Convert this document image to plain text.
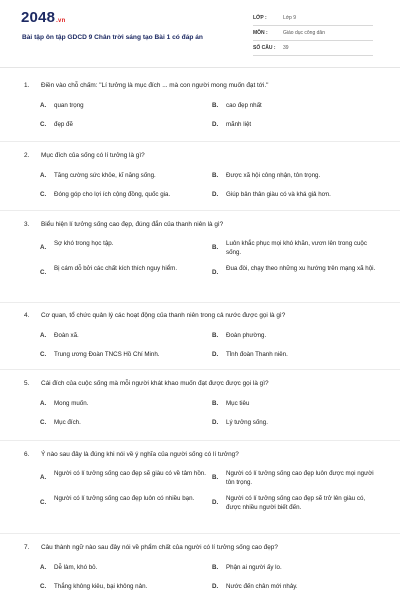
2048.vn
Bài tập ôn tập GDCD 9 Chân trời sáng tạo Bài 1 có đáp án
LỚP :	Lớp 9
MÔN :	Giáo dục công dân
SỐ CÂU :	39
1. Điền vào chỗ chấm: "Lí tưởng là mục đích ... mà con người mong muốn đạt tới."
A. quan trọng	B. cao đẹp nhất
C. đẹp đẽ	D. mãnh liệt
2. Mục đích của sống có lí tưởng là gì?
A. Tăng cường sức khỏe, kĩ năng sống.	B. Được xã hội công nhận, tôn trọng.
C. Đóng góp cho lợi ích cộng đồng, quốc gia.	D. Giúp bản thân giàu có và khá giả hơn.
3. Biểu hiện lí tưởng sống cao đẹp, đúng đắn của thanh niên là gì?
A.
Sợ khó trong học tập.
B.
Luôn khắc phục mọi khó khăn, vươn lên trong cuộc sống.
C.
Bị cám dỗ bởi các chất kích thích nguy hiểm.
D.
Đua đòi, chạy theo những xu hướng trên mạng xã hội.
4. Cơ quan, tổ chức quản lý các hoạt động của thanh niên trong cả nước được gọi là gì?
A. Đoàn xã.	B. Đoàn phường.
C. Trung ương Đoàn TNCS Hồ Chí Minh.	D. Tỉnh đoàn Thanh niên.
5. Cái đích của cuộc sống mà mỗi người khát khao muốn đạt được được gọi là gì?
A. Mong muốn.	B. Mục tiêu
C. Mục đích.	D. Lý tưởng sống.
6. Ý nào sau đây là đúng khi nói về ý nghĩa của người sống có lí tưởng?
A.
Người có lí tưởng sống cao đẹp sẽ giàu có về tâm hồn.
B.
Người có lí tưởng sống cao đẹp luôn được mọi người tôn trọng.
C.
Người có lí tưởng sống cao đẹp luôn có nhiều bạn.
D.
Người có lí tưởng sống cao đẹp sẽ trở lên giàu có, được nhiều người biết đến.
7. Câu thành ngữ nào sau đây nói về phẩm chất của người có lí tưởng sống cao đẹp?
A. Dễ làm, khó bỏ.	B. Phận ai người ấy lo.
C. Thắng không kiêu, bại không nản.	D. Nước đến chân mới nhảy.
